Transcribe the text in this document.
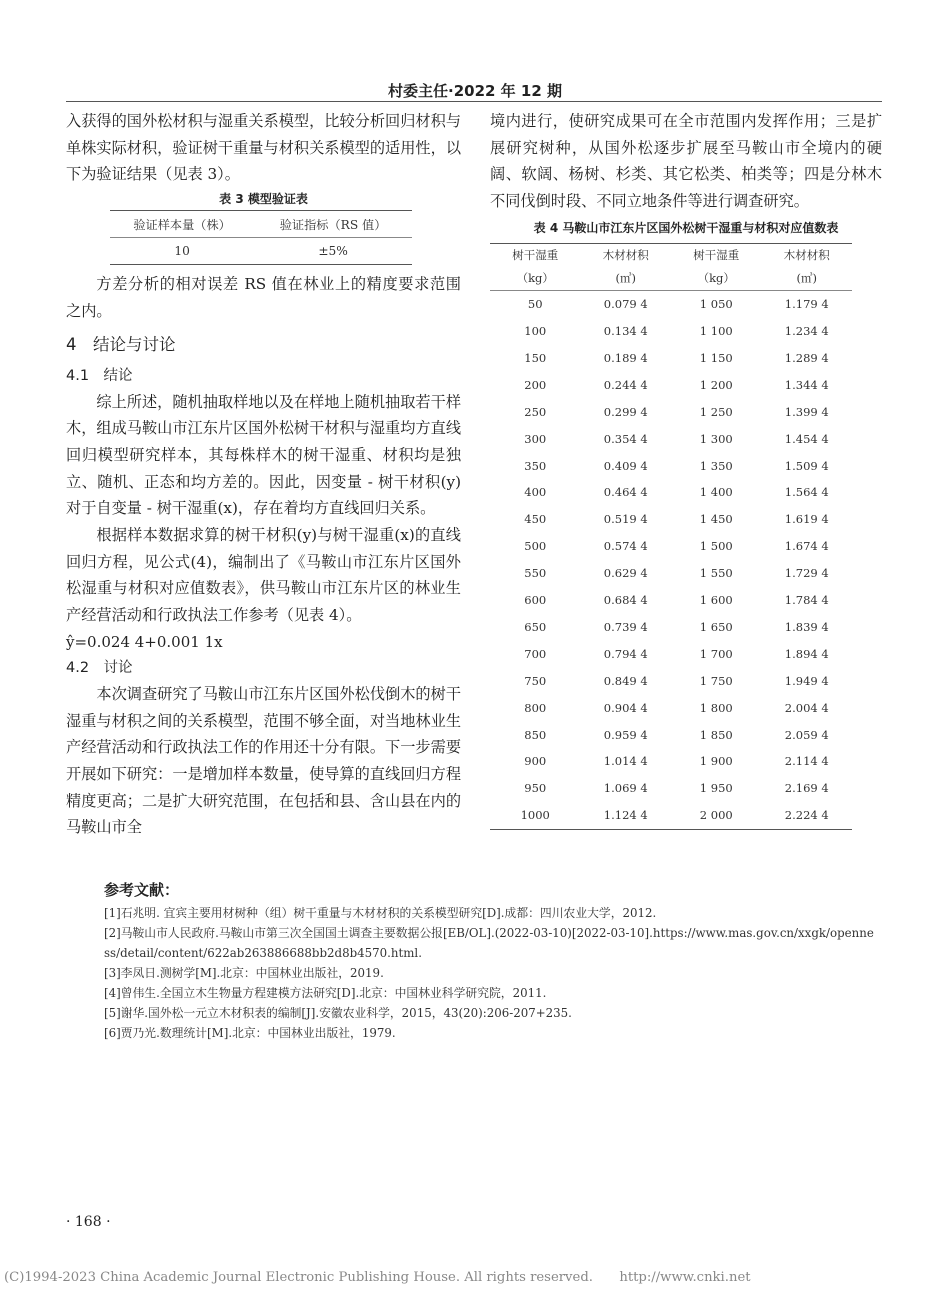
村委主任·2022 年 12 期

入获得的国外松材积与湿重关系模型，比较分析回归材积与单株实际材积，验证树干重量与材积关系模型的适用性，以下为验证结果（见表 3）。

表 3 模型验证表
验证样本量（株）	验证指标（RS 值）
10	±5%

方差分析的相对误差 RS 值在林业上的精度要求范围之内。

4　结论与讨论
4.1　结论

综上所述，随机抽取样地以及在样地上随机抽取若干样木，组成马鞍山市江东片区国外松树干材积与湿重均方直线回归模型研究样本，其每株样木的树干湿重、材积均是独立、随机、正态和均方差的。因此，因变量 - 树干材积(y)对于自变量 - 树干湿重(x)，存在着均方直线回归关系。

根据样本数据求算的树干材积(y)与树干湿重(x)的直线回归方程，见公式(4)，编制出了《马鞍山市江东片区国外松湿重与材积对应值数表》，供马鞍山市江东片区的林业生产经营活动和行政执法工作参考（见表 4）。

ŷ=0.024 4+0.001 1x
4.2　讨论

本次调查研究了马鞍山市江东片区国外松伐倒木的树干湿重与材积之间的关系模型，范围不够全面，对当地林业生产经营活动和行政执法工作的作用还十分有限。下一步需要开展如下研究：一是增加样本数量，使导算的直线回归方程精度更高；二是扩大研究范围，在包括和县、含山县在内的马鞍山市全

境内进行，使研究成果可在全市范围内发挥作用；三是扩展研究树种，从国外松逐步扩展至马鞍山市全境内的硬阔、软阔、杨树、杉类、其它松类、柏类等；四是分林木不同伐倒时段、不同立地条件等进行调查研究。

表 4 马鞍山市江东片区国外松树干湿重与材积对应值数表
树干湿重	木材材积	树干湿重	木材材积
（kg）	(㎥)	（kg）	(㎥)
50	0.079 4	1 050	1.179 4
100	0.134 4	1 100	1.234 4
150	0.189 4	1 150	1.289 4
200	0.244 4	1 200	1.344 4
250	0.299 4	1 250	1.399 4
300	0.354 4	1 300	1.454 4
350	0.409 4	1 350	1.509 4
400	0.464 4	1 400	1.564 4
450	0.519 4	1 450	1.619 4
500	0.574 4	1 500	1.674 4
550	0.629 4	1 550	1.729 4
600	0.684 4	1 600	1.784 4
650	0.739 4	1 650	1.839 4
700	0.794 4	1 700	1.894 4
750	0.849 4	1 750	1.949 4
800	0.904 4	1 800	2.004 4
850	0.959 4	1 850	2.059 4
900	1.014 4	1 900	2.114 4
950	1.069 4	1 950	2.169 4
1000	1.124 4	2 000	2.224 4
参考文献：
[1]石兆明. 宜宾主要用材树种（组）树干重量与木材材积的关系模型研究[D].成都：四川农业大学，2012.
[2]马鞍山市人民政府.马鞍山市第三次全国国土调查主要数据公报[EB/OL].(2022-03-10)[2022-03-10].https://www.mas.gov.cn/xxgk/openness/detail/content/622ab263886688bb2d8b4570.html.
[3]李凤日.测树学[M].北京：中国林业出版社，2019.
[4]曾伟生.全国立木生物量方程建模方法研究[D].北京：中国林业科学研究院，2011.
[5]谢华.国外松一元立木材积表的编制[J].安徽农业科学，2015，43(20):206-207+235.
[6]贾乃光.数理统计[M].北京：中国林业出版社，1979.
· 168 ·
(C)1994-2023 China Academic Journal Electronic Publishing House. All rights reserved.　　http://www.cnki.net
